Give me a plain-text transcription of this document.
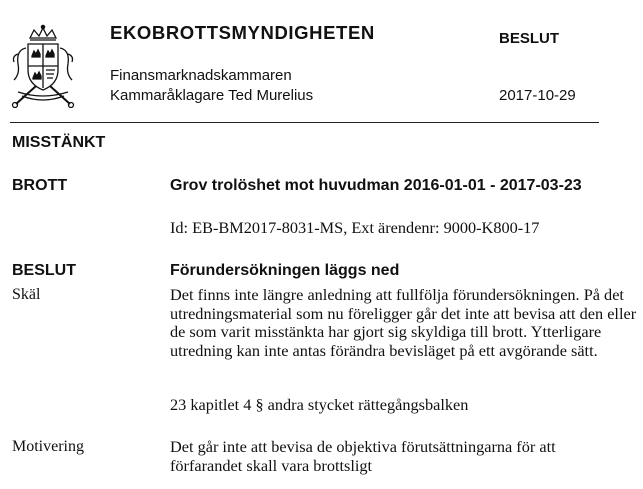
EKOBROTTSMYNDIGHETEN	BESLUT
Finansmarknadskammaren
Kammaråklagare Ted Murelius	2017-10-29
MISSTÄNKT
BROTT	Grov trolöshet mot huvudman 2016-01-01 - 2017-03-23
Id: EB-BM2017-8031-MS, Ext ärendenr: 9000-K800-17
BESLUT	Förundersökningen läggs ned
Skäl	Det finns inte längre anledning att fullfölja förundersökningen. På det utredningsmaterial som nu föreligger går det inte att bevisa att den eller de som varit misstänkta har gjort sig skyldiga till brott. Ytterligare utredning kan inte antas förändra bevisläget på ett avgörande sätt.
23 kapitlet 4 § andra stycket rättegångsbalken
Motivering	Det går inte att bevisa de objektiva förutsättningarna för att förfarandet skall vara brottsligt
